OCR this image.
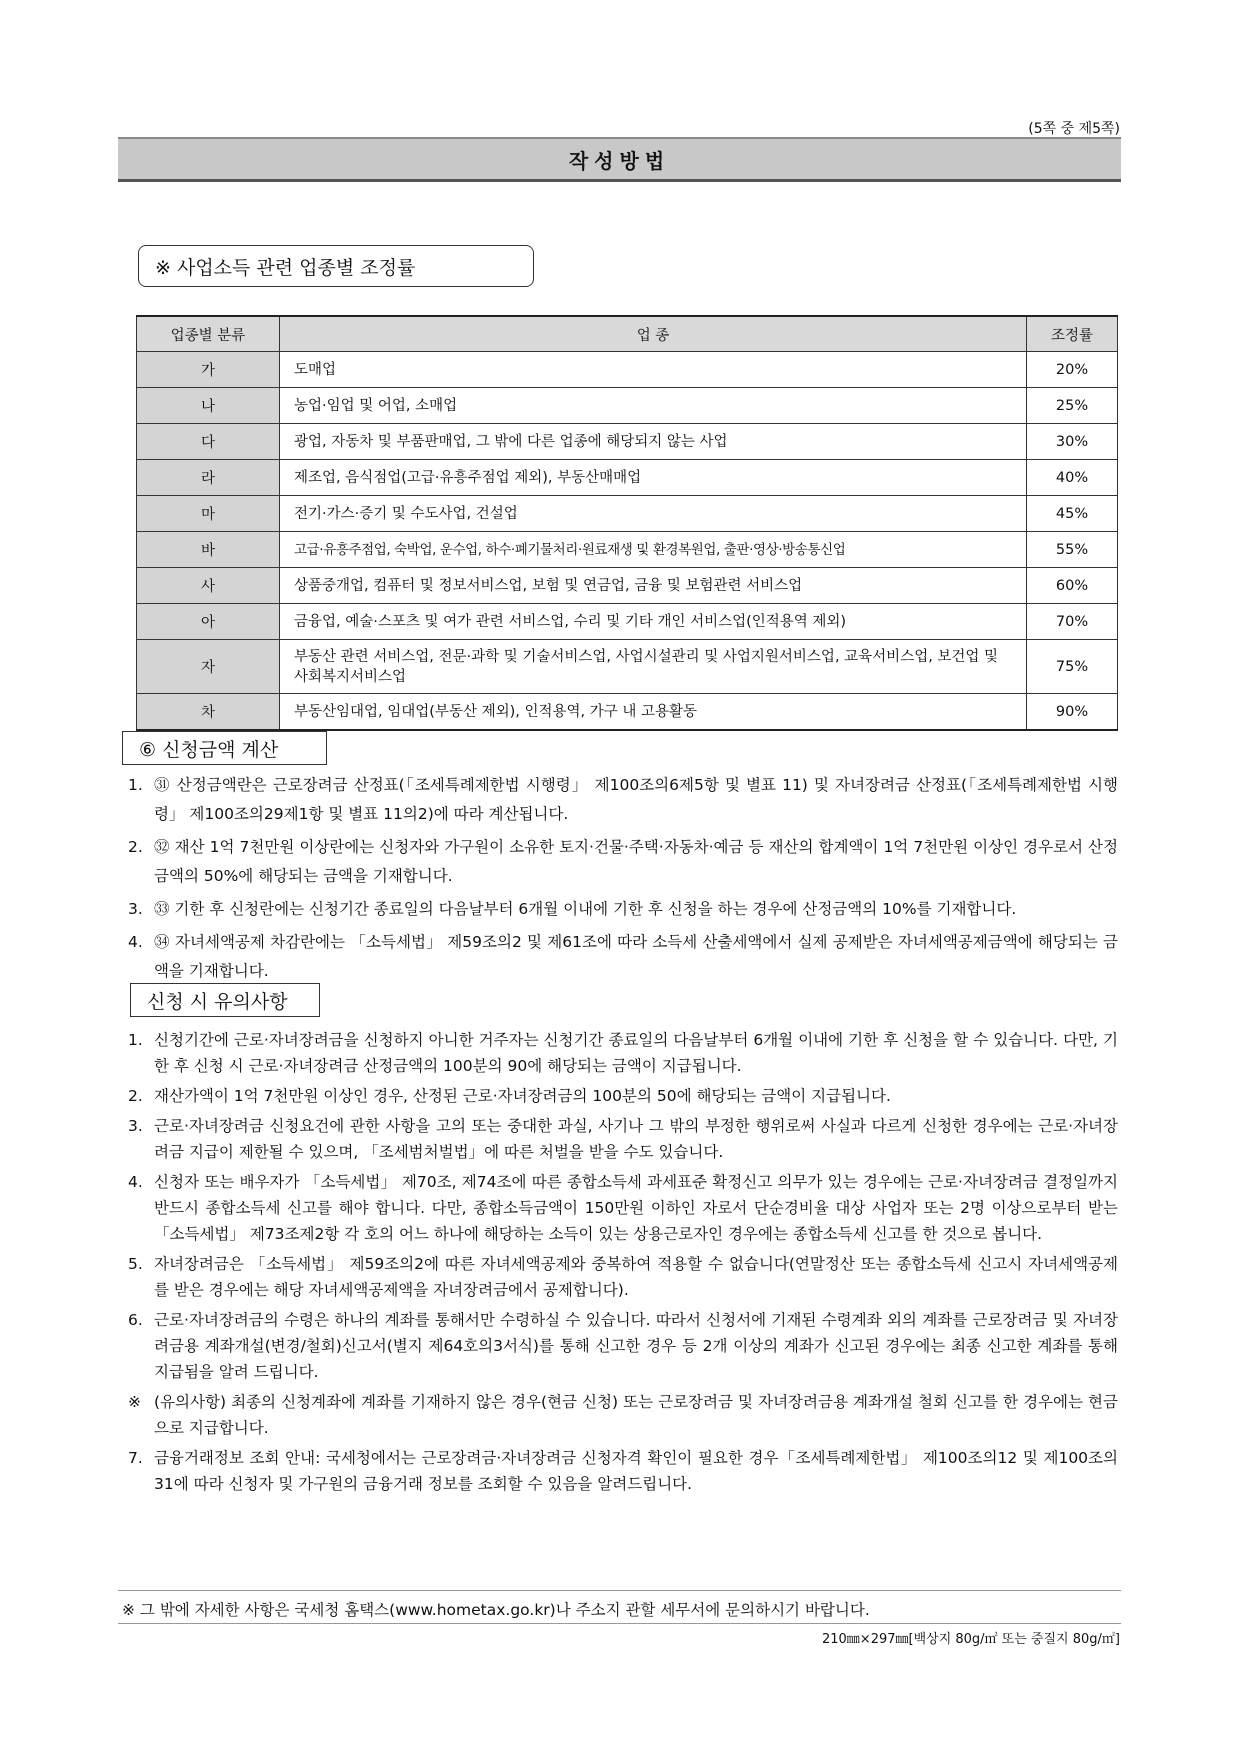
(5쪽 중 제5쪽)
작성방법
※ 사업소득 관련 업종별 조정률
업종별 분류	업 종	조정률
가	도매업	20%
나	농업·임업 및 어업, 소매업	25%
다	광업, 자동차 및 부품판매업, 그 밖에 다른 업종에 해당되지 않는 사업	30%
라	제조업, 음식점업(고급·유흥주점업 제외), 부동산매매업	40%
마	전기·가스·증기 및 수도사업, 건설업	45%
바	고급·유흥주점업, 숙박업, 운수업, 하수·폐기물처리·원료재생 및 환경복원업, 출판·영상·방송통신업	55%
사	상품중개업, 컴퓨터 및 정보서비스업, 보험 및 연금업, 금융 및 보험관련 서비스업	60%
아	금융업, 예술·스포츠 및 여가 관련 서비스업, 수리 및 기타 개인 서비스업(인적용역 제외)	70%
자	부동산 관련 서비스업, 전문·과학 및 기술서비스업, 사업시설관리 및 사업지원서비스업, 교육서비스업, 보건업 및 사회복지서비스업	75%
차	부동산임대업, 임대업(부동산 제외), 인적용역, 가구 내 고용활동	90%
⑥ 신청금액 계산
1. ㉛ 산정금액란은 근로장려금 산정표(「조세특례제한법 시행령」 제100조의6제5항 및 별표 11) 및 자녀장려금 산정표(「조세특례제한법 시행령」 제100조의29제1항 및 별표 11의2)에 따라 계산됩니다.
2. ㉜ 재산 1억 7천만원 이상란에는 신청자와 가구원이 소유한 토지·건물·주택·자동차·예금 등 재산의 합계액이 1억 7천만원 이상인 경우로서 산정금액의 50%에 해당되는 금액을 기재합니다.
3. ㉝ 기한 후 신청란에는 신청기간 종료일의 다음날부터 6개월 이내에 기한 후 신청을 하는 경우에 산정금액의 10%를 기재합니다.
4. ㉞ 자녀세액공제 차감란에는 「소득세법」 제59조의2 및 제61조에 따라 소득세 산출세액에서 실제 공제받은 자녀세액공제금액에 해당되는 금액을 기재합니다.
신청 시 유의사항
1. 신청기간에 근로·자녀장려금을 신청하지 아니한 거주자는 신청기간 종료일의 다음날부터 6개월 이내에 기한 후 신청을 할 수 있습니다. 다만, 기한 후 신청 시 근로·자녀장려금 산정금액의 100분의 90에 해당되는 금액이 지급됩니다.
2. 재산가액이 1억 7천만원 이상인 경우, 산정된 근로·자녀장려금의 100분의 50에 해당되는 금액이 지급됩니다.
3. 근로·자녀장려금 신청요건에 관한 사항을 고의 또는 중대한 과실, 사기나 그 밖의 부정한 행위로써 사실과 다르게 신청한 경우에는 근로·자녀장려금 지급이 제한될 수 있으며, 「조세범처벌법」에 따른 처벌을 받을 수도 있습니다.
4. 신청자 또는 배우자가 「소득세법」 제70조, 제74조에 따른 종합소득세 과세표준 확정신고 의무가 있는 경우에는 근로·자녀장려금 결정일까지 반드시 종합소득세 신고를 해야 합니다. 다만, 종합소득금액이 150만원 이하인 자로서 단순경비율 대상 사업자 또는 2명 이상으로부터 받는 「소득세법」 제73조제2항 각 호의 어느 하나에 해당하는 소득이 있는 상용근로자인 경우에는 종합소득세 신고를 한 것으로 봅니다.
5. 자녀장려금은 「소득세법」 제59조의2에 따른 자녀세액공제와 중복하여 적용할 수 없습니다(연말정산 또는 종합소득세 신고시 자녀세액공제를 받은 경우에는 해당 자녀세액공제액을 자녀장려금에서 공제합니다).
6. 근로·자녀장려금의 수령은 하나의 계좌를 통해서만 수령하실 수 있습니다. 따라서 신청서에 기재된 수령계좌 외의 계좌를 근로장려금 및 자녀장려금용 계좌개설(변경/철회)신고서(별지 제64호의3서식)를 통해 신고한 경우 등 2개 이상의 계좌가 신고된 경우에는 최종 신고한 계좌를 통해 지급됨을 알려 드립니다.
※ (유의사항) 최종의 신청계좌에 계좌를 기재하지 않은 경우(현금 신청) 또는 근로장려금 및 자녀장려금용 계좌개설 철회 신고를 한 경우에는 현금으로 지급합니다.
7. 금융거래정보 조회 안내: 국세청에서는 근로장려금·자녀장려금 신청자격 확인이 필요한 경우「조세특례제한법」 제100조의12 및 제100조의31에 따라 신청자 및 가구원의 금융거래 정보를 조회할 수 있음을 알려드립니다.
※ 그 밖에 자세한 사항은 국세청 홈택스(www.hometax.go.kr)나 주소지 관할 세무서에 문의하시기 바랍니다.
210㎜×297㎜[백상지 80g/㎡ 또는 중질지 80g/㎡]
